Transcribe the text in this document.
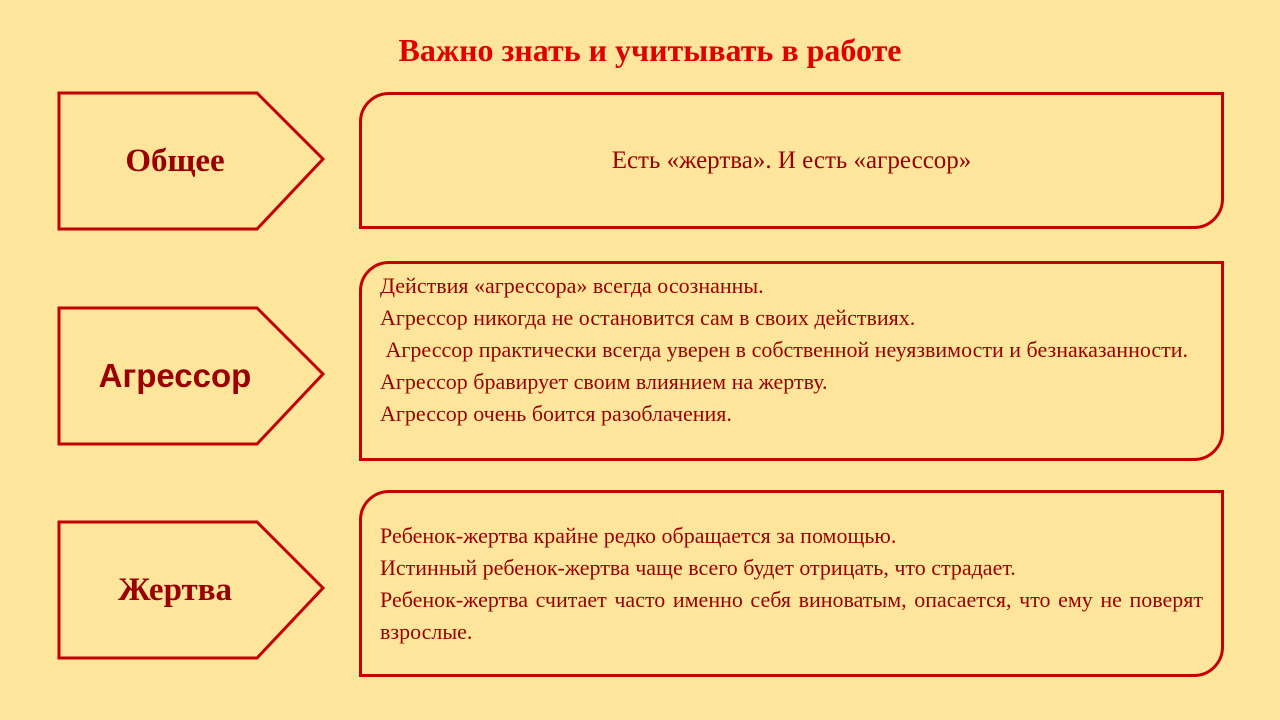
Важно знать и учитывать в работе
Общее	Есть «жертва». И есть «агрессор»
Агрессор
Действия «агрессора» всегда осознанны.
Агрессор никогда не остановится сам в своих действиях.
Агрессор практически всегда уверен в собственной неуязвимости и безнаказанности.
Агрессор бравирует своим влиянием на жертву.
Агрессор очень боится разоблачения.
Жертва
Ребенок-жертва крайне редко обращается за помощью.
Истинный ребенок-жертва чаще всего будет отрицать, что страдает.
Ребенок-жертва считает часто именно себя виноватым, опасается, что ему не поверят взрослые.
